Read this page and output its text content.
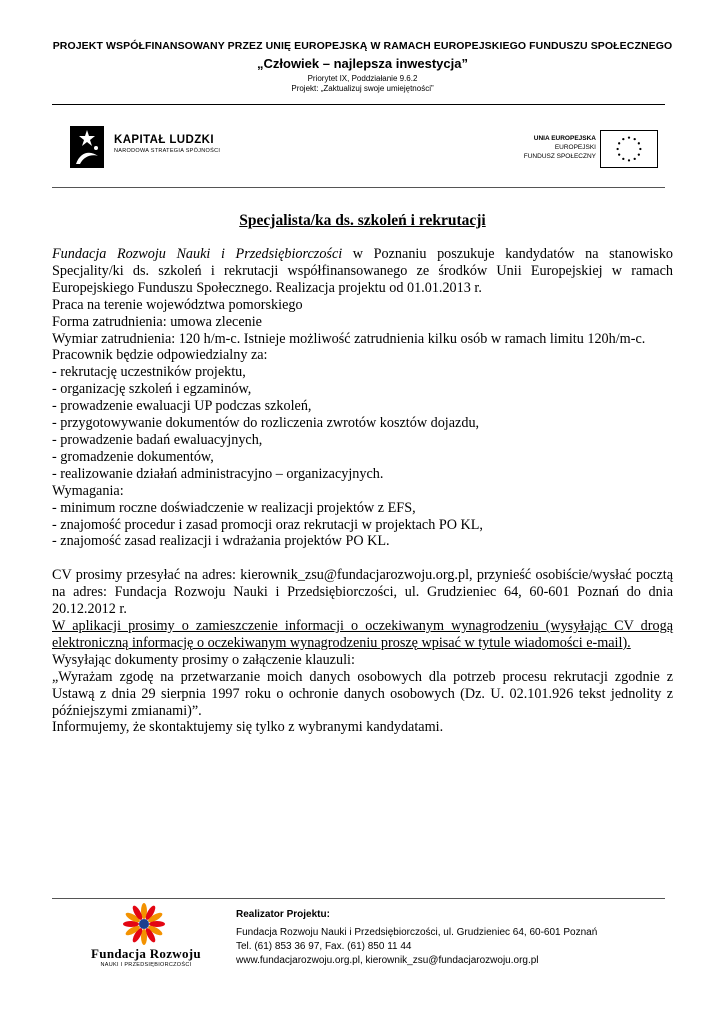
PROJEKT WSPÓŁFINANSOWANY PRZEZ UNIĘ EUROPEJSKĄ W RAMACH EUROPEJSKIEGO FUNDUSZU SPOŁECZNEGO
„Człowiek – najlepsza inwestycja”
Priorytet IX, Poddziałanie 9.6.2
Projekt: „Zaktualizuj swoje umiejętności”
KAPITAŁ LUDZKI
NARODOWA STRATEGIA SPÓJNOŚCI
UNIA EUROPEJSKA
EUROPEJSKI
FUNDUSZ SPOŁECZNY
Specjalista/ka ds. szkoleń i rekrutacji

Fundacja Rozwoju Nauki i Przedsiębiorczości w Poznaniu poszukuje kandydatów na stanowisko Specjality/ki ds. szkoleń i rekrutacji współfinansowanego ze środków Unii Europejskiej w ramach Europejskiego Funduszu Społecznego. Realizacja projektu od 01.01.2013 r.

Praca na terenie województwa pomorskiego

Forma zatrudnienia: umowa zlecenie

Wymiar zatrudnienia: 120 h/m-c. Istnieje możliwość zatrudnienia kilku osób w ramach limitu 120h/m-c.

Pracownik będzie odpowiedzialny za:

- rekrutację uczestników projektu,

- organizację szkoleń i egzaminów,

- prowadzenie ewaluacji UP podczas szkoleń,

- przygotowywanie dokumentów do rozliczenia zwrotów kosztów dojazdu,

- prowadzenie badań ewaluacyjnych,

- gromadzenie dokumentów,

- realizowanie działań administracyjno – organizacyjnych.

Wymagania:

- minimum roczne doświadczenie w realizacji projektów z EFS,

- znajomość procedur i zasad promocji oraz rekrutacji w projektach PO KL,

- znajomość zasad realizacji i wdrażania projektów PO KL.

CV prosimy przesyłać na adres: kierownik_zsu@fundacjarozwoju.org.pl, przynieść osobiście/wysłać pocztą na adres: Fundacja Rozwoju Nauki i Przedsiębiorczości, ul. Grudzieniec 64, 60-601 Poznań do dnia 20.12.2012 r.

W aplikacji prosimy o zamieszczenie informacji o oczekiwanym wynagrodzeniu (wysyłając CV drogą elektroniczną informację o oczekiwanym wynagrodzeniu proszę wpisać w tytule wiadomości e-mail).

Wysyłając dokumenty prosimy o załączenie klauzuli:

„Wyrażam zgodę na przetwarzanie moich danych osobowych dla potrzeb procesu rekrutacji zgodnie z Ustawą z dnia 29 sierpnia 1997 roku o ochronie danych osobowych (Dz. U. 02.101.926 tekst jednolity z późniejszymi zmianami)”.

Informujemy, że skontaktujemy się tylko z wybranymi kandydatami.

Fundacja Rozwoju
NAUKI I PRZEDSIĘBIORCZOŚCI
Realizator Projektu:
Fundacja Rozwoju Nauki i Przedsiębiorczości, ul. Grudzieniec 64, 60-601 Poznań
Tel. (61) 853 36 97, Fax. (61) 850 11 44
www.fundacjarozwoju.org.pl, kierownik_zsu@fundacjarozwoju.org.pl
